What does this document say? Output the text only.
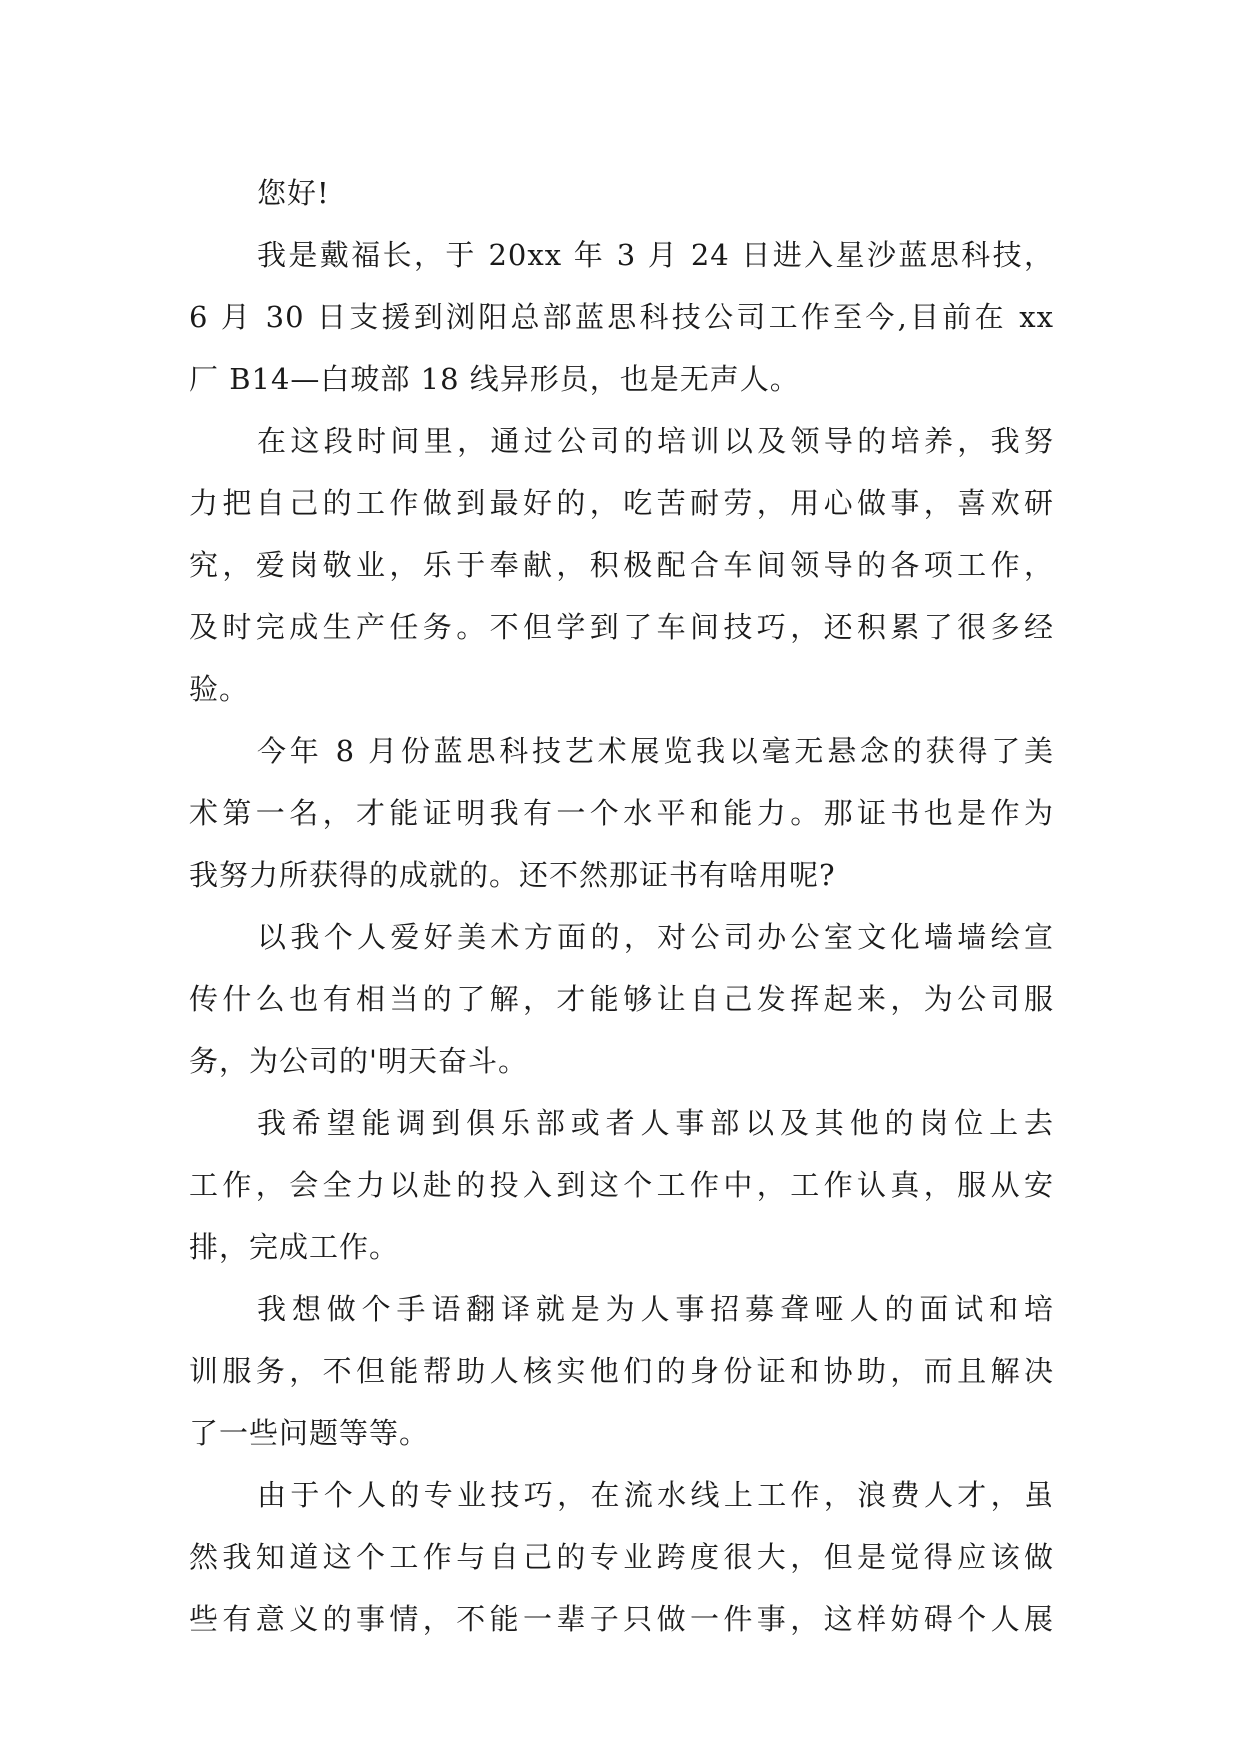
您好!
我是戴福长，于 20xx 年 3 月 24 日进入星沙蓝思科技，
6 月 30 日支援到浏阳总部蓝思科技公司工作至今,目前在 xx
厂 B14—白玻部 18 线异形员，也是无声人。
在这段时间里，通过公司的培训以及领导的培养，我努
力把自己的工作做到最好的，吃苦耐劳，用心做事，喜欢研
究，爱岗敬业，乐于奉献，积极配合车间领导的各项工作，
及时完成生产任务。不但学到了车间技巧，还积累了很多经
验。
今年 8 月份蓝思科技艺术展览我以毫无悬念的获得了美
术第一名，才能证明我有一个水平和能力。那证书也是作为
我努力所获得的成就的。还不然那证书有啥用呢?
以我个人爱好美术方面的，对公司办公室文化墙墙绘宣
传什么也有相当的了解，才能够让自己发挥起来，为公司服
务，为公司的'明天奋斗。
我希望能调到俱乐部或者人事部以及其他的岗位上去
工作，会全力以赴的投入到这个工作中，工作认真，服从安
排，完成工作。
我想做个手语翻译就是为人事招募聋哑人的面试和培
训服务，不但能帮助人核实他们的身份证和协助，而且解决
了一些问题等等。
由于个人的专业技巧，在流水线上工作，浪费人才，虽
然我知道这个工作与自己的专业跨度很大，但是觉得应该做
些有意义的事情，不能一辈子只做一件事，这样妨碍个人展
